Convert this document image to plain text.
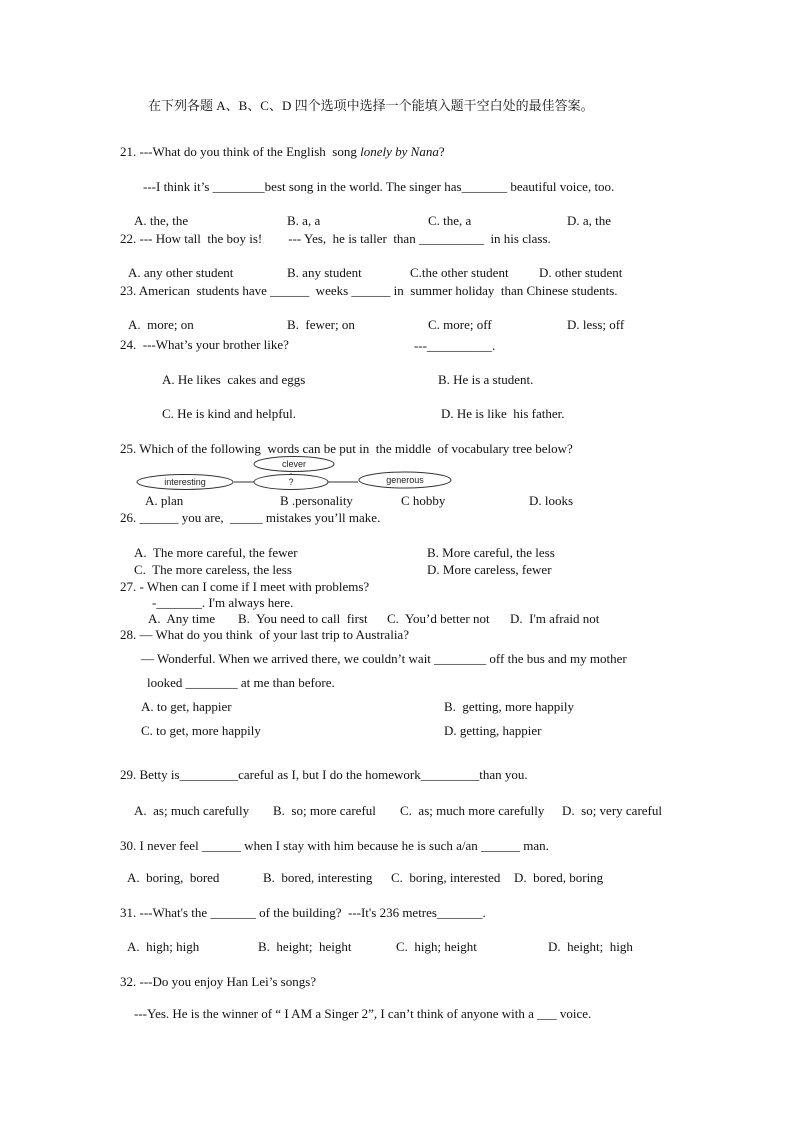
在下列各题 A、B、C、D 四个选项中选择一个能填入题干空白处的最佳答案。
21. ---What do you think of the English  song lonely by Nana?
---I think it’s ________best song in the world. The singer has_______ beautiful voice, too.
A. the, the	B. a, a	C. the, a	D. a, the
22. --- How tall  the boy is!        --- Yes,  he is taller  than __________  in his class.
A. any other student	B. any student	C.the other student D. other student
23. American  students have ______  weeks ______ in  summer holiday  than Chinese students.
A.  more; on	B.  fewer; on	C. more; off	D. less; off
24.  ---What’s your brother like?	---__________.
A. He likes  cakes and eggs	B. He is a student.
C. He is kind and helpful.	D. He is like  his father.
25. Which of the following  words can be put in  the middle  of vocabulary tree below?
clever
interesting	?	generous
A. plan	B .personality	C hobby	D. looks
26. ______ you are,  _____ mistakes you’ll make.
A.  The more careful, the fewer	B. More careful, the less
C.  The more careless, the less	D. More careless, fewer
27. - When can I come if I meet with problems?
-_______. I'm always here.
A.  Any time B.  You need to call  first C.  You’d better not D.  I'm afraid not
28. — What do you think  of your last trip to Australia?
— Wonderful. When we arrived there, we couldn’t wait ________ off the bus and my mother
looked ________ at me than before.
A. to get, happier	B.  getting, more happily
C. to get, more happily	D. getting, happier
29. Betty is_________careful as I, but I do the homework_________than you.
A.  as; much carefully B.  so; more careful C.  as; much more carefully D.  so; very careful
30. I never feel ______ when I stay with him because he is such a/an ______ man.
A.  boring,  bored	B.  bored, interesting C.  boring, interested D.  bored, boring
31. ---What's the _______ of the building?  ---It's 236 metres_______.
A.  high; high	B.  height;  height	C.  high; height	D.  height;  high
32. ---Do you enjoy Han Lei’s songs?
---Yes. He is the winner of “ I AM a Singer 2”, I can’t think of anyone with a ___ voice.
